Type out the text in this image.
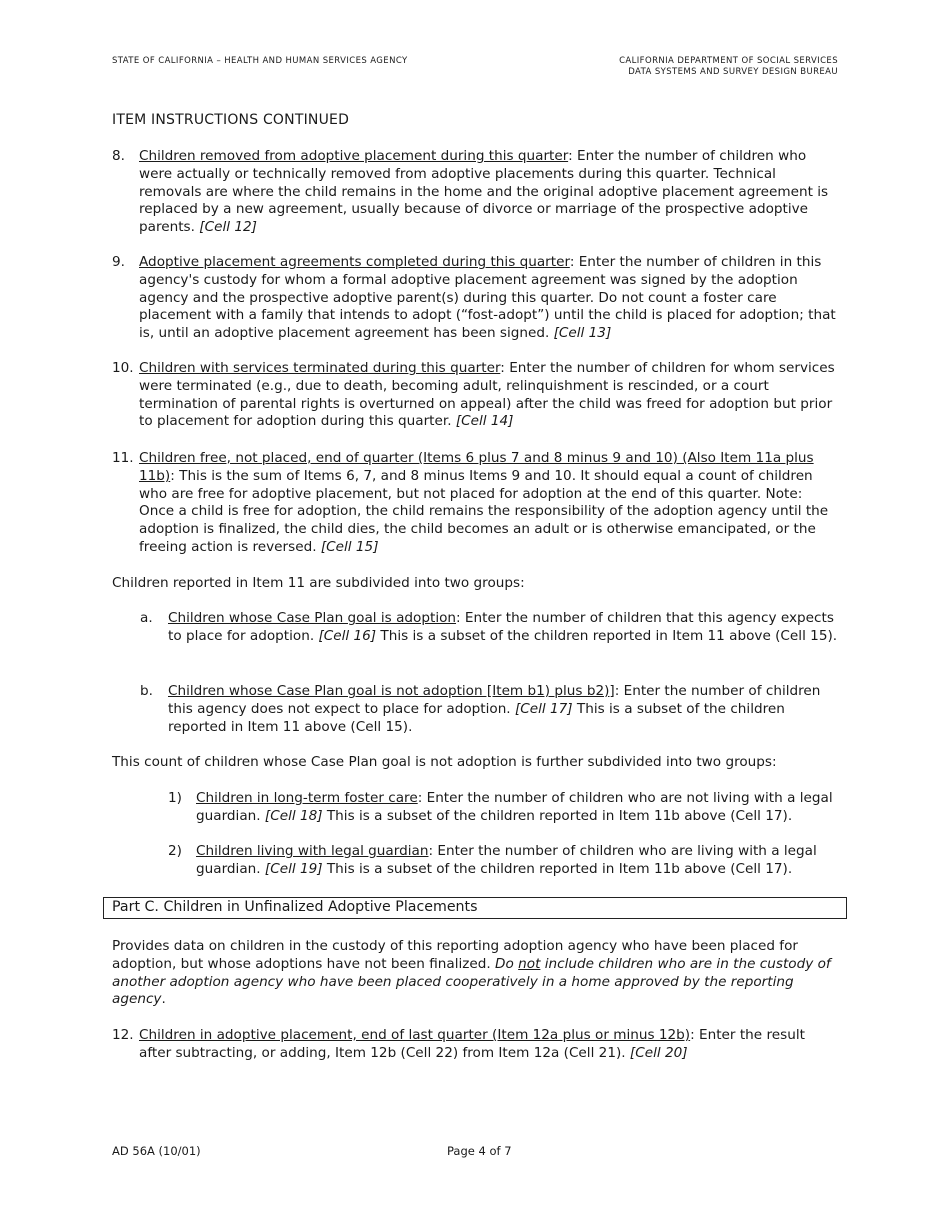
STATE OF CALIFORNIA – HEALTH AND HUMAN SERVICES AGENCY	CALIFORNIA DEPARTMENT OF SOCIAL SERVICES
DATA SYSTEMS AND SURVEY DESIGN BUREAU
ITEM INSTRUCTIONS CONTINUED
8. Children removed from adoptive placement during this quarter: Enter the number of children who were actually or technically removed from adoptive placements during this quarter. Technical removals are where the child remains in the home and the original adoptive placement agreement is replaced by a new agreement, usually because of divorce or marriage of the prospective adoptive parents. [Cell 12]
9. Adoptive placement agreements completed during this quarter: Enter the number of children in this agency's custody for whom a formal adoptive placement agreement was signed by the adoption agency and the prospective adoptive parent(s) during this quarter. Do not count a foster care placement with a family that intends to adopt (“fost-adopt”) until the child is placed for adoption; that is, until an adoptive placement agreement has been signed. [Cell 13]
10. Children with services terminated during this quarter: Enter the number of children for whom services were terminated (e.g., due to death, becoming adult, relinquishment is rescinded, or a court termination of parental rights is overturned on appeal) after the child was freed for adoption but prior to placement for adoption during this quarter. [Cell 14]
11. Children free, not placed, end of quarter (Items 6 plus 7 and 8 minus 9 and 10) (Also Item 11a plus 11b): This is the sum of Items 6, 7, and 8 minus Items 9 and 10. It should equal a count of children who are free for adoptive placement, but not placed for adoption at the end of this quarter. Note: Once a child is free for adoption, the child remains the responsibility of the adoption agency until the adoption is finalized, the child dies, the child becomes an adult or is otherwise emancipated, or the freeing action is reversed. [Cell 15]
Children reported in Item 11 are subdivided into two groups:
a. Children whose Case Plan goal is adoption: Enter the number of children that this agency expects to place for adoption. [Cell 16] This is a subset of the children reported in Item 11 above (Cell 15).
b. Children whose Case Plan goal is not adoption [Item b1) plus b2)]: Enter the number of children this agency does not expect to place for adoption. [Cell 17] This is a subset of the children reported in Item 11 above (Cell 15).
This count of children whose Case Plan goal is not adoption is further subdivided into two groups:
1) Children in long-term foster care: Enter the number of children who are not living with a legal guardian. [Cell 18] This is a subset of the children reported in Item 11b above (Cell 17).
2) Children living with legal guardian: Enter the number of children who are living with a legal guardian. [Cell 19] This is a subset of the children reported in Item 11b above (Cell 17).
Part C. Children in Unfinalized Adoptive Placements
Provides data on children in the custody of this reporting adoption agency who have been placed for adoption, but whose adoptions have not been finalized. Do not include children who are in the custody of another adoption agency who have been placed cooperatively in a home approved by the reporting agency.
12. Children in adoptive placement, end of last quarter (Item 12a plus or minus 12b): Enter the result after subtracting, or adding, Item 12b (Cell 22) from Item 12a (Cell 21). [Cell 20]
AD 56A (10/01)	Page 4 of 7
